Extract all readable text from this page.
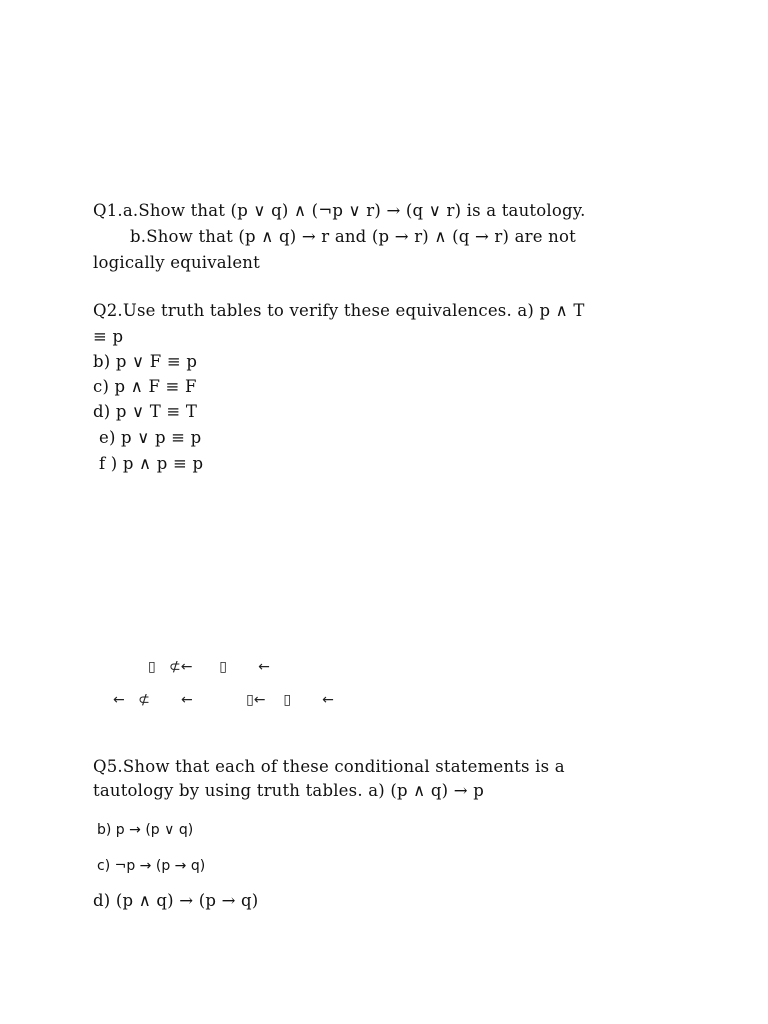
Q1.a.Show that (p ∨ q) ∧ (¬p ∨ r) → (q ∨ r) is a tautology.
b.Show that (p ∧ q) → r and (p → r) ∧ (q → r) are not
logically equivalent
Q2.Use truth tables to verify these equivalences. a) p ∧ T
≡ p
b) p ∨ F ≡ p
c) p ∧ F ≡ F
d) p ∨ T ≡ T
e) p ∨ p ≡ p
f ) p ∧ p ≡ p
▯   ⊄←      ▯       ←
←   ⊄       ←            ▯←    ▯       ←
Q5.Show that each of these conditional statements is a
tautology by using truth tables. a) (p ∧ q) → p
b) p → (p ∨ q)
c) ¬p → (p → q)
d) (p ∧ q) → (p → q)
